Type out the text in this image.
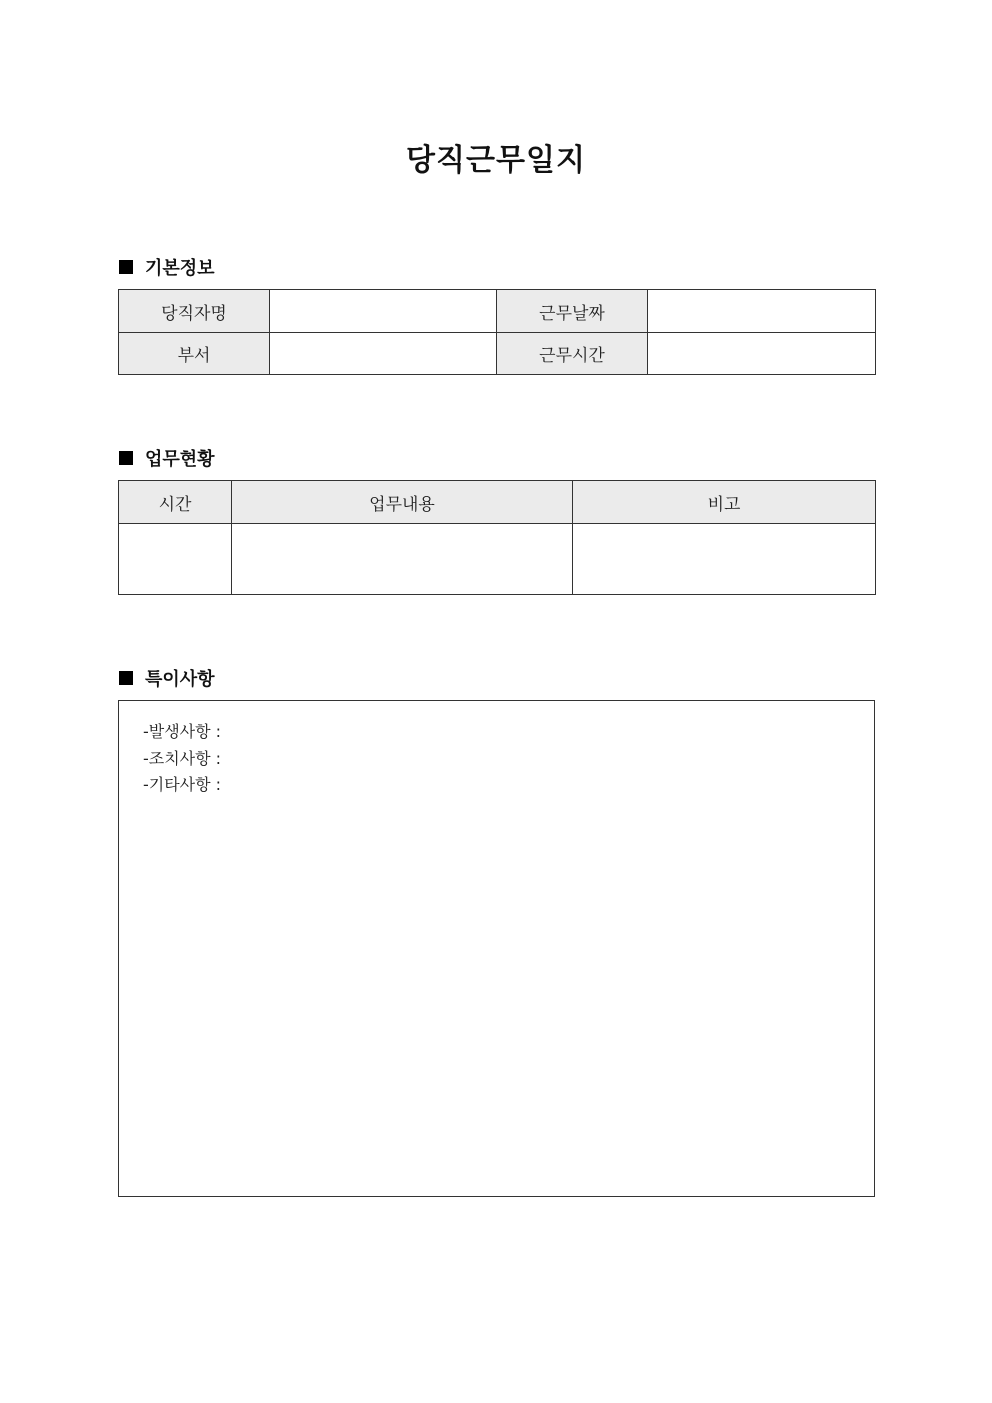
당직근무일지
기본정보
당직자명		근무날짜	
부서		근무시간	
업무현황
시간	업무내용	비고

특이사항
-발생사항 :
-조치사항 :
-기타사항 :
